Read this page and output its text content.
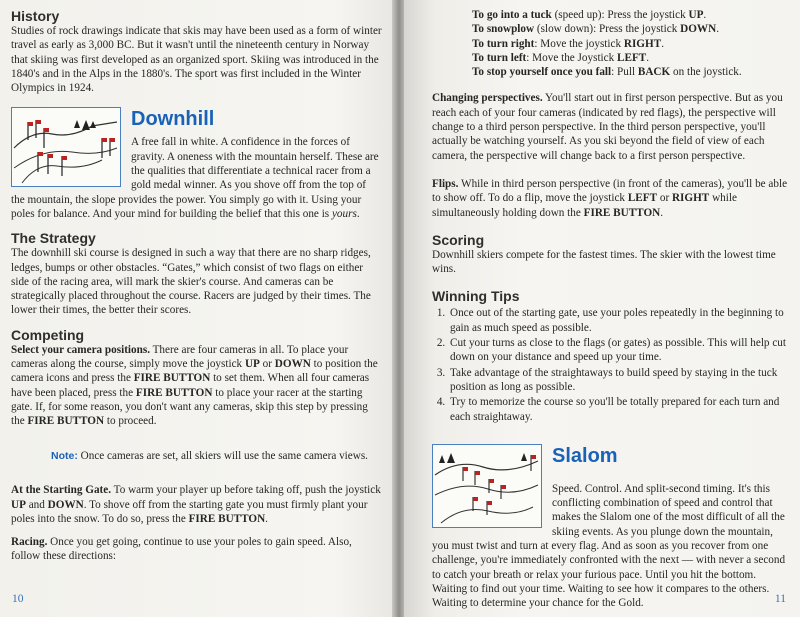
History

Studies of rock drawings indicate that skis may have been used as a form of winter travel as early as 3,000 BC. But it wasn't until the nineteenth century in Norway that skiing was first developed as an organized sport. Skiing was introduced in the 1840's and in the Alps in the 1880's. The sport was first included in the Winter Olympics in 1924.

Downhill

A free fall in white. A confidence in the forces of gravity. A oneness with the mountain herself. These are the qualities that differentiate a technical racer from a gold medal winner. As you shove off from the top of the mountain, the slope provides the power. You simply go with it. Using your poles for balance. And your mind for building the belief that this one is yours.

The Strategy

The downhill ski course is designed in such a way that there are no sharp ridges, ledges, bumps or other obstacles. “Gates,” which consist of two flags on either side of the racing area, will mark the skier's course. And cameras can be strategically placed throughout the course. Racers are judged by their times. The lower their times, the better their scores.

Competing

Select your camera positions. There are four cameras in all. To place your cameras along the course, simply move the joystick UP or DOWN to position the camera icons and press the FIRE BUTTON to set them. When all four cameras have been placed, press the FIRE BUTTON to place your racer at the starting gate. If, for some reason, you don't want any cameras, skip this step by pressing the FIRE BUTTON to proceed.

Note: Once cameras are set, all skiers will use the same camera views.

At the Starting Gate. To warm your player up before taking off, push the joystick UP and DOWN. To shove off from the starting gate you must firmly plant your poles into the snow. To do so, press the FIRE BUTTON.

Racing. Once you get going, continue to use your poles to gain speed. Also, follow these directions:

10
To go into a tuck (speed up): Press the joystick UP.
To snowplow (slow down): Press the joystick DOWN.
To turn right: Move the joystick RIGHT.
To turn left: Move the Joystick LEFT.
To stop yourself once you fall: Pull BACK on the joystick.

Changing perspectives. You'll start out in first person perspective. But as you reach each of your four cameras (indicated by red flags), the perspective will change to a third person perspective. In the third person perspective, you'll actually be watching yourself. As you ski beyond the field of view of each camera, the perspective will change back to a first person perspective.

Flips. While in third person perspective (in front of the cameras), you'll be able to show off. To do a flip, move the joystick LEFT or RIGHT while simultaneously holding down the FIRE BUTTON.

Scoring

Downhill skiers compete for the fastest times. The skier with the lowest time wins.

Winning Tips
1. Once out of the starting gate, use your poles repeatedly in the beginning to gain as much speed as possible.
2. Cut your turns as close to the flags (or gates) as possible. This will help cut down on your distance and speed up your time.
3. Take advantage of the straightaways to build speed by staying in the tuck position as long as possible.
4. Try to memorize the course so you'll be totally prepared for each turn and each straightaway.
Slalom

Speed. Control. And split-second timing. It's this conflicting combination of speed and control that makes the Slalom one of the most difficult of all the skiing events. As you plunge down the mountain, you must twist and turn at every flag. And as soon as you recover from one challenge, you're immediately confronted with the next — with never a second to catch your breath or relax your furious pace. Until you hit the bottom. Waiting to find out your time. Waiting to see how it compares to the others. Waiting to determine your chance for the Gold.	11
